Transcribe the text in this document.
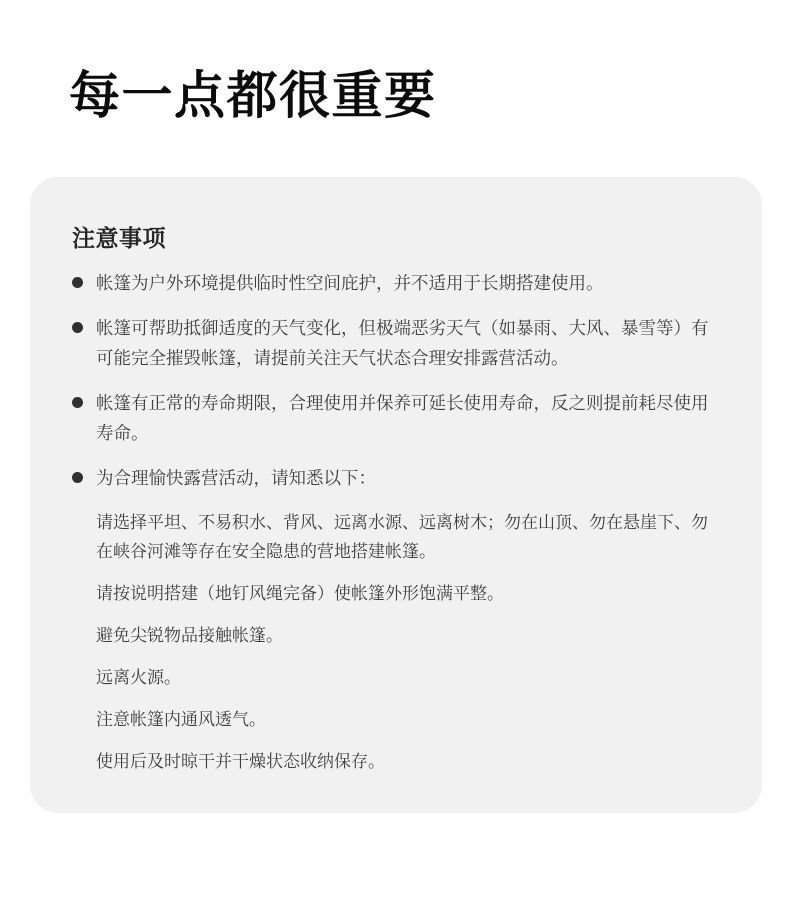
每一点都很重要
注意事项
帐篷为户外环境提供临时性空间庇护，并不适用于长期搭建使用。
帐篷可帮助抵御适度的天气变化，但极端恶劣天气（如暴雨、大风、暴雪等）有可能完全摧毁帐篷，请提前关注天气状态合理安排露营活动。
帐篷有正常的寿命期限，合理使用并保养可延长使用寿命，反之则提前耗尽使用寿命。
为合理愉快露营活动，请知悉以下：
请选择平坦、不易积水、背风、远离水源、远离树木；勿在山顶、勿在悬崖下、勿在峡谷河滩等存在安全隐患的营地搭建帐篷。
请按说明搭建（地钉风绳完备）使帐篷外形饱满平整。
避免尖锐物品接触帐篷。
远离火源。
注意帐篷内通风透气。
使用后及时晾干并干燥状态收纳保存。
